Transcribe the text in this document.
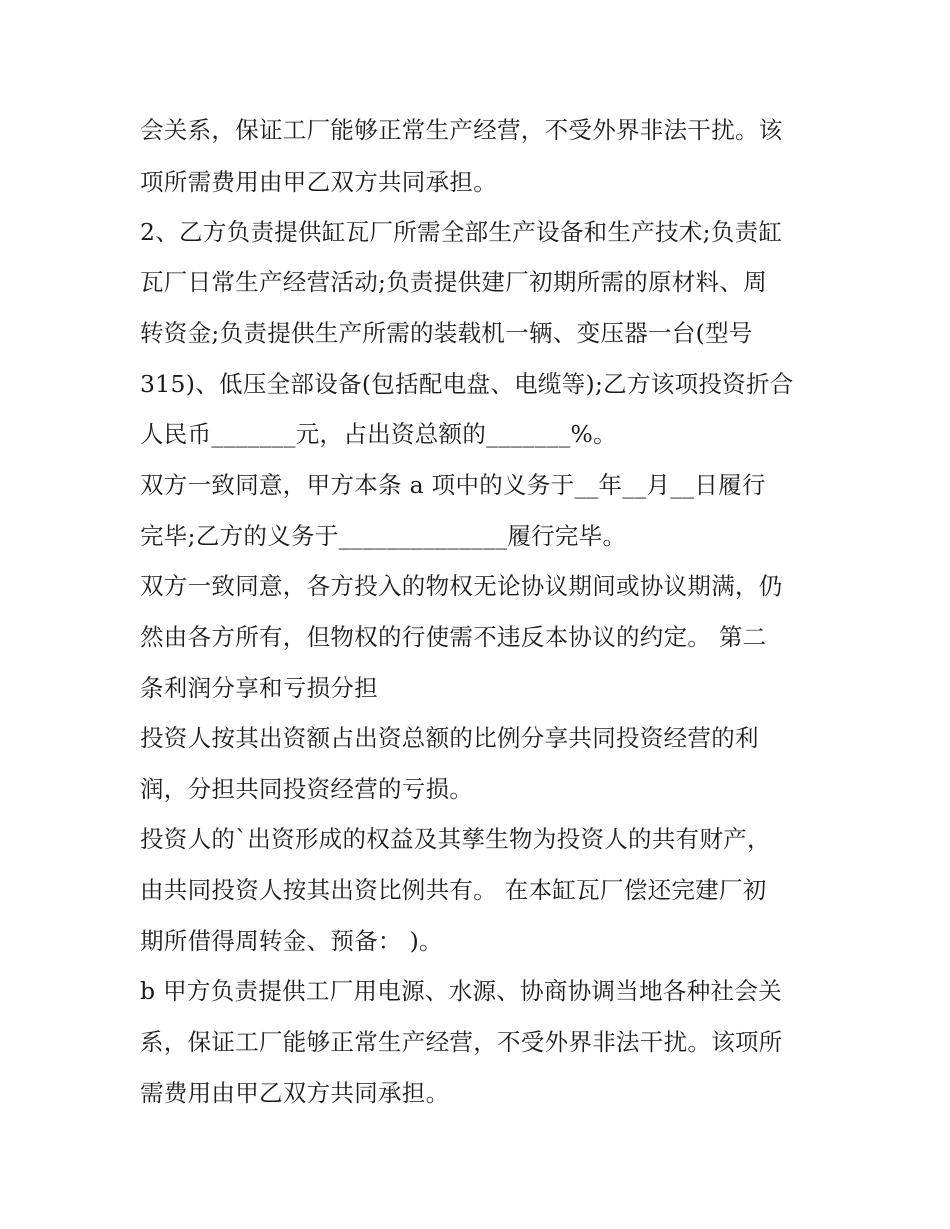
会关系，保证工厂能够正常生产经营，不受外界非法干扰。该
项所需费用由甲乙双方共同承担。
2、乙方负责提供缸瓦厂所需全部生产设备和生产技术;负责缸
瓦厂日常生产经营活动;负责提供建厂初期所需的原材料、周
转资金;负责提供生产所需的装载机一辆、变压器一台(型号
315)、低压全部设备(包括配电盘、电缆等);乙方该项投资折合
人民币_______元，占出资总额的_______%。
双方一致同意，甲方本条 a 项中的义务于__年__月__日履行
完毕;乙方的义务于______________履行完毕。
双方一致同意，各方投入的物权无论协议期间或协议期满，仍
然由各方所有，但物权的行使需不违反本协议的约定。 第二
条利润分享和亏损分担
投资人按其出资额占出资总额的比例分享共同投资经营的利
润，分担共同投资经营的亏损。
投资人的`出资形成的权益及其孳生物为投资人的共有财产，
由共同投资人按其出资比例共有。 在本缸瓦厂偿还完建厂初
期所借得周转金、预备： )。
b 甲方负责提供工厂用电源、水源、协商协调当地各种社会关
系，保证工厂能够正常生产经营，不受外界非法干扰。该项所
需费用由甲乙双方共同承担。
